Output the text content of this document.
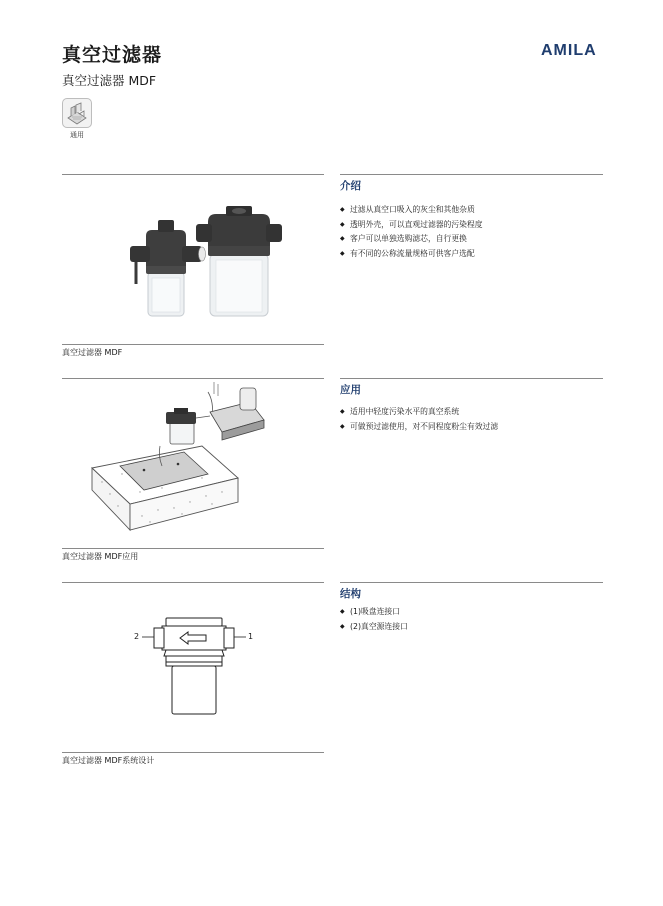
真空过滤器
真空过滤器 MDF
AMILA
通用
真空过滤器 MDF
介绍
◆ 过滤从真空口吸入的灰尘和其他杂质
◆ 透明外壳，可以直观过滤器的污染程度
◆ 客户可以单独选购滤芯，自行更换
◆ 有不同的公称流量规格可供客户选配
真空过滤器 MDF应用
应用
◆ 适用中轻度污染水平的真空系统
◆ 可做预过滤使用，对不同程度粉尘有效过滤
2	1
真空过滤器 MDF系统设计
结构
◆ (1)吸盘连接口
◆ (2)真空源连接口
